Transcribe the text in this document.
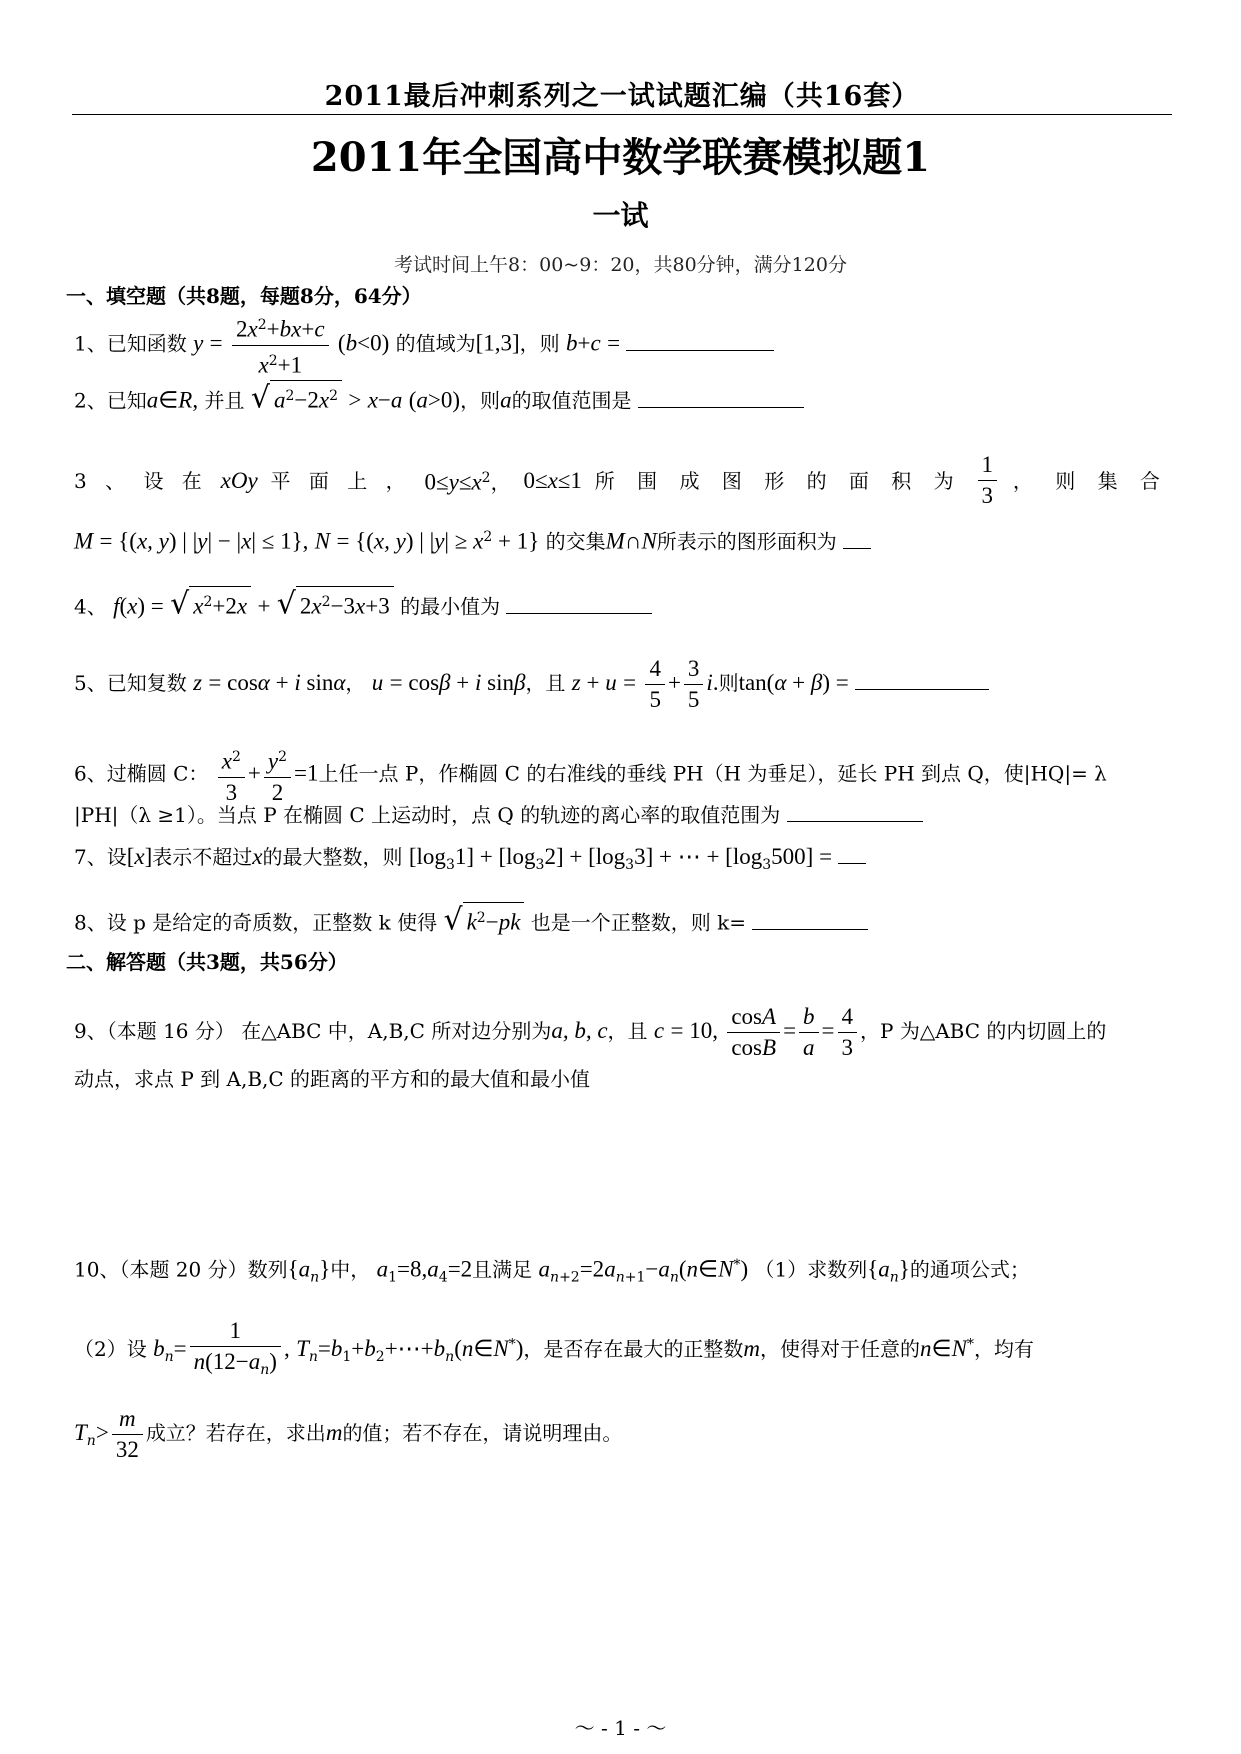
2011最后冲刺系列之一试试题汇编（共16套）
2011年全国高中数学联赛模拟题1
一试
考试时间上午8：00~9：20，共80分钟，满分120分
一、填空题（共8题，每题8分，64分）
1、已知函数 $y = \frac{2x^2+bx+c}{x^2+1} (b<0)$ 的值域为[1,3]，则 b+c =
2、已知a∈R, 并且 √ $a^2-2x^2 > x-a$ (a>0)，则a的取值范围是
3 、 设 在 xOy 平 面 上 ， $0\le y\le x^2$， 0≤x≤1 所 围 成 图 形 的 面 积 为 $\frac{1}{3}$ ， 则 集 合
M = {(x, y) | |y| − |x| ≤ 1}, N = {(x, y) | $|y| \ge x^2 + 1$} 的交集M∩N所表示的图形面积为
4、 f(x) = √ $x^2+2x$ + √ $2x^2-3x+3$ 的最小值为
5、已知复数 z = cosα + i sinα， u = cosβ + i sinβ，且 $z + u = \frac{4}{5} + \frac{3}{5} i$.则tan(α + β) =
6、过椭圆 C： $\frac{x^2}{3} + \frac{y^2}{2} =1$上任一点 P，作椭圆 C 的右准线的垂线 PH（H 为垂足），延长 PH 到点 Q，使|HQ|= λ
|PH|（λ ≥1）。当点 P 在椭圆 C 上运动时，点 Q 的轨迹的离心率的取值范围为
7、设[x]表示不超过x的最大整数，则 $[\log_31] + [\log_32] + [\log_33]$ + ⋯ + $[\log_3500]$ =
8、设 p 是给定的奇质数，正整数 k 使得 √ $k^2-pk$ 也是一个正整数，则 k=
二、解答题（共3题，共56分）
9、（本题 16 分） 在△ABC 中，A,B,C 所对边分别为a, b, c，且 c = 10, $\frac{\cos A}{\cos B} = \frac{b}{a} = \frac{4}{3}$ ，P 为△ABC 的内切圆上的
动点，求点 P 到 A,B,C 的距离的平方和的最大值和最小值
10、（本题 20 分）数列$\{a_n\}$中， $a_1=8,a_4=2$且满足 $a_{n+2}=2a_{n+1}-a_n(n\in N^*)$ （1）求数列$\{a_n\}$的通项公式；
（2）设 $b_n= \frac{1}{n(12-a_n)}$ , $T_n=b_1+b_2+\cdots+b_n(n\in N^*)$，是否存在最大的正整数m，使得对于任意的n∈N*，均有
$T_n> \frac{m}{32}$ 成立？若存在，求出m的值；若不存在，请说明理由。
～ - 1 - ～
